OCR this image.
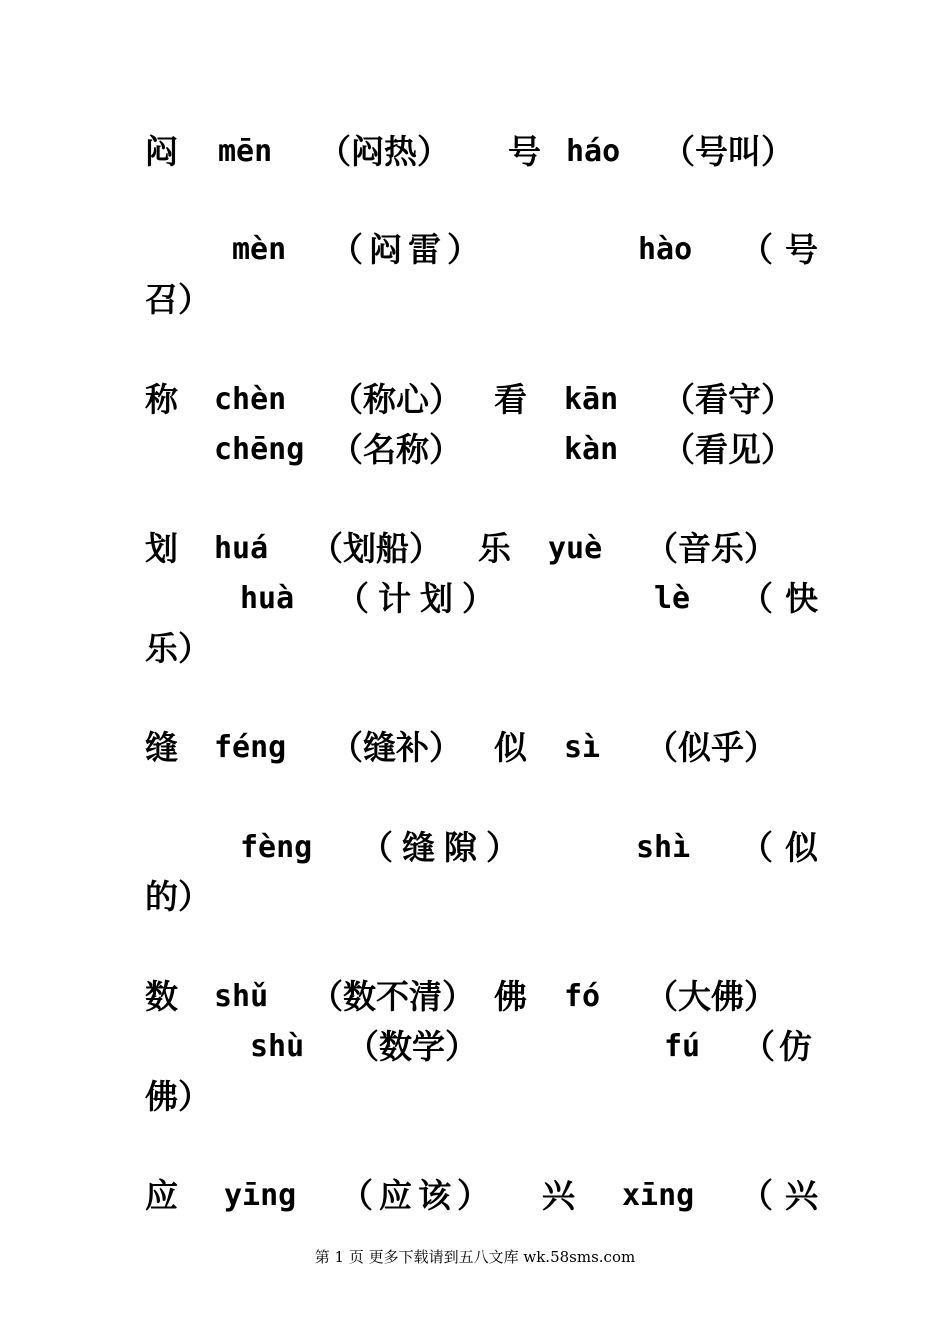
闷 mēn （闷热） 号 háo （号叫）
mèn （闷雷）	hào （号
召）
称 chèn （称心） 看 kān （看守）
chēng （名称）	kàn （看见）
划 huá （划船） 乐 yuè （音乐）
huà （计划）	lè （快
乐）
缝 féng （缝补） 似 sì （似乎）
fèng （缝隙）	shì （似
的）
数 shǔ （数不清） 佛 fó （大佛）
shù （数学）	fú （仿
佛）
应 yīng （应该） 兴 xīng （兴
第 1 页 更多下载请到五八文库 wk.58sms.com
